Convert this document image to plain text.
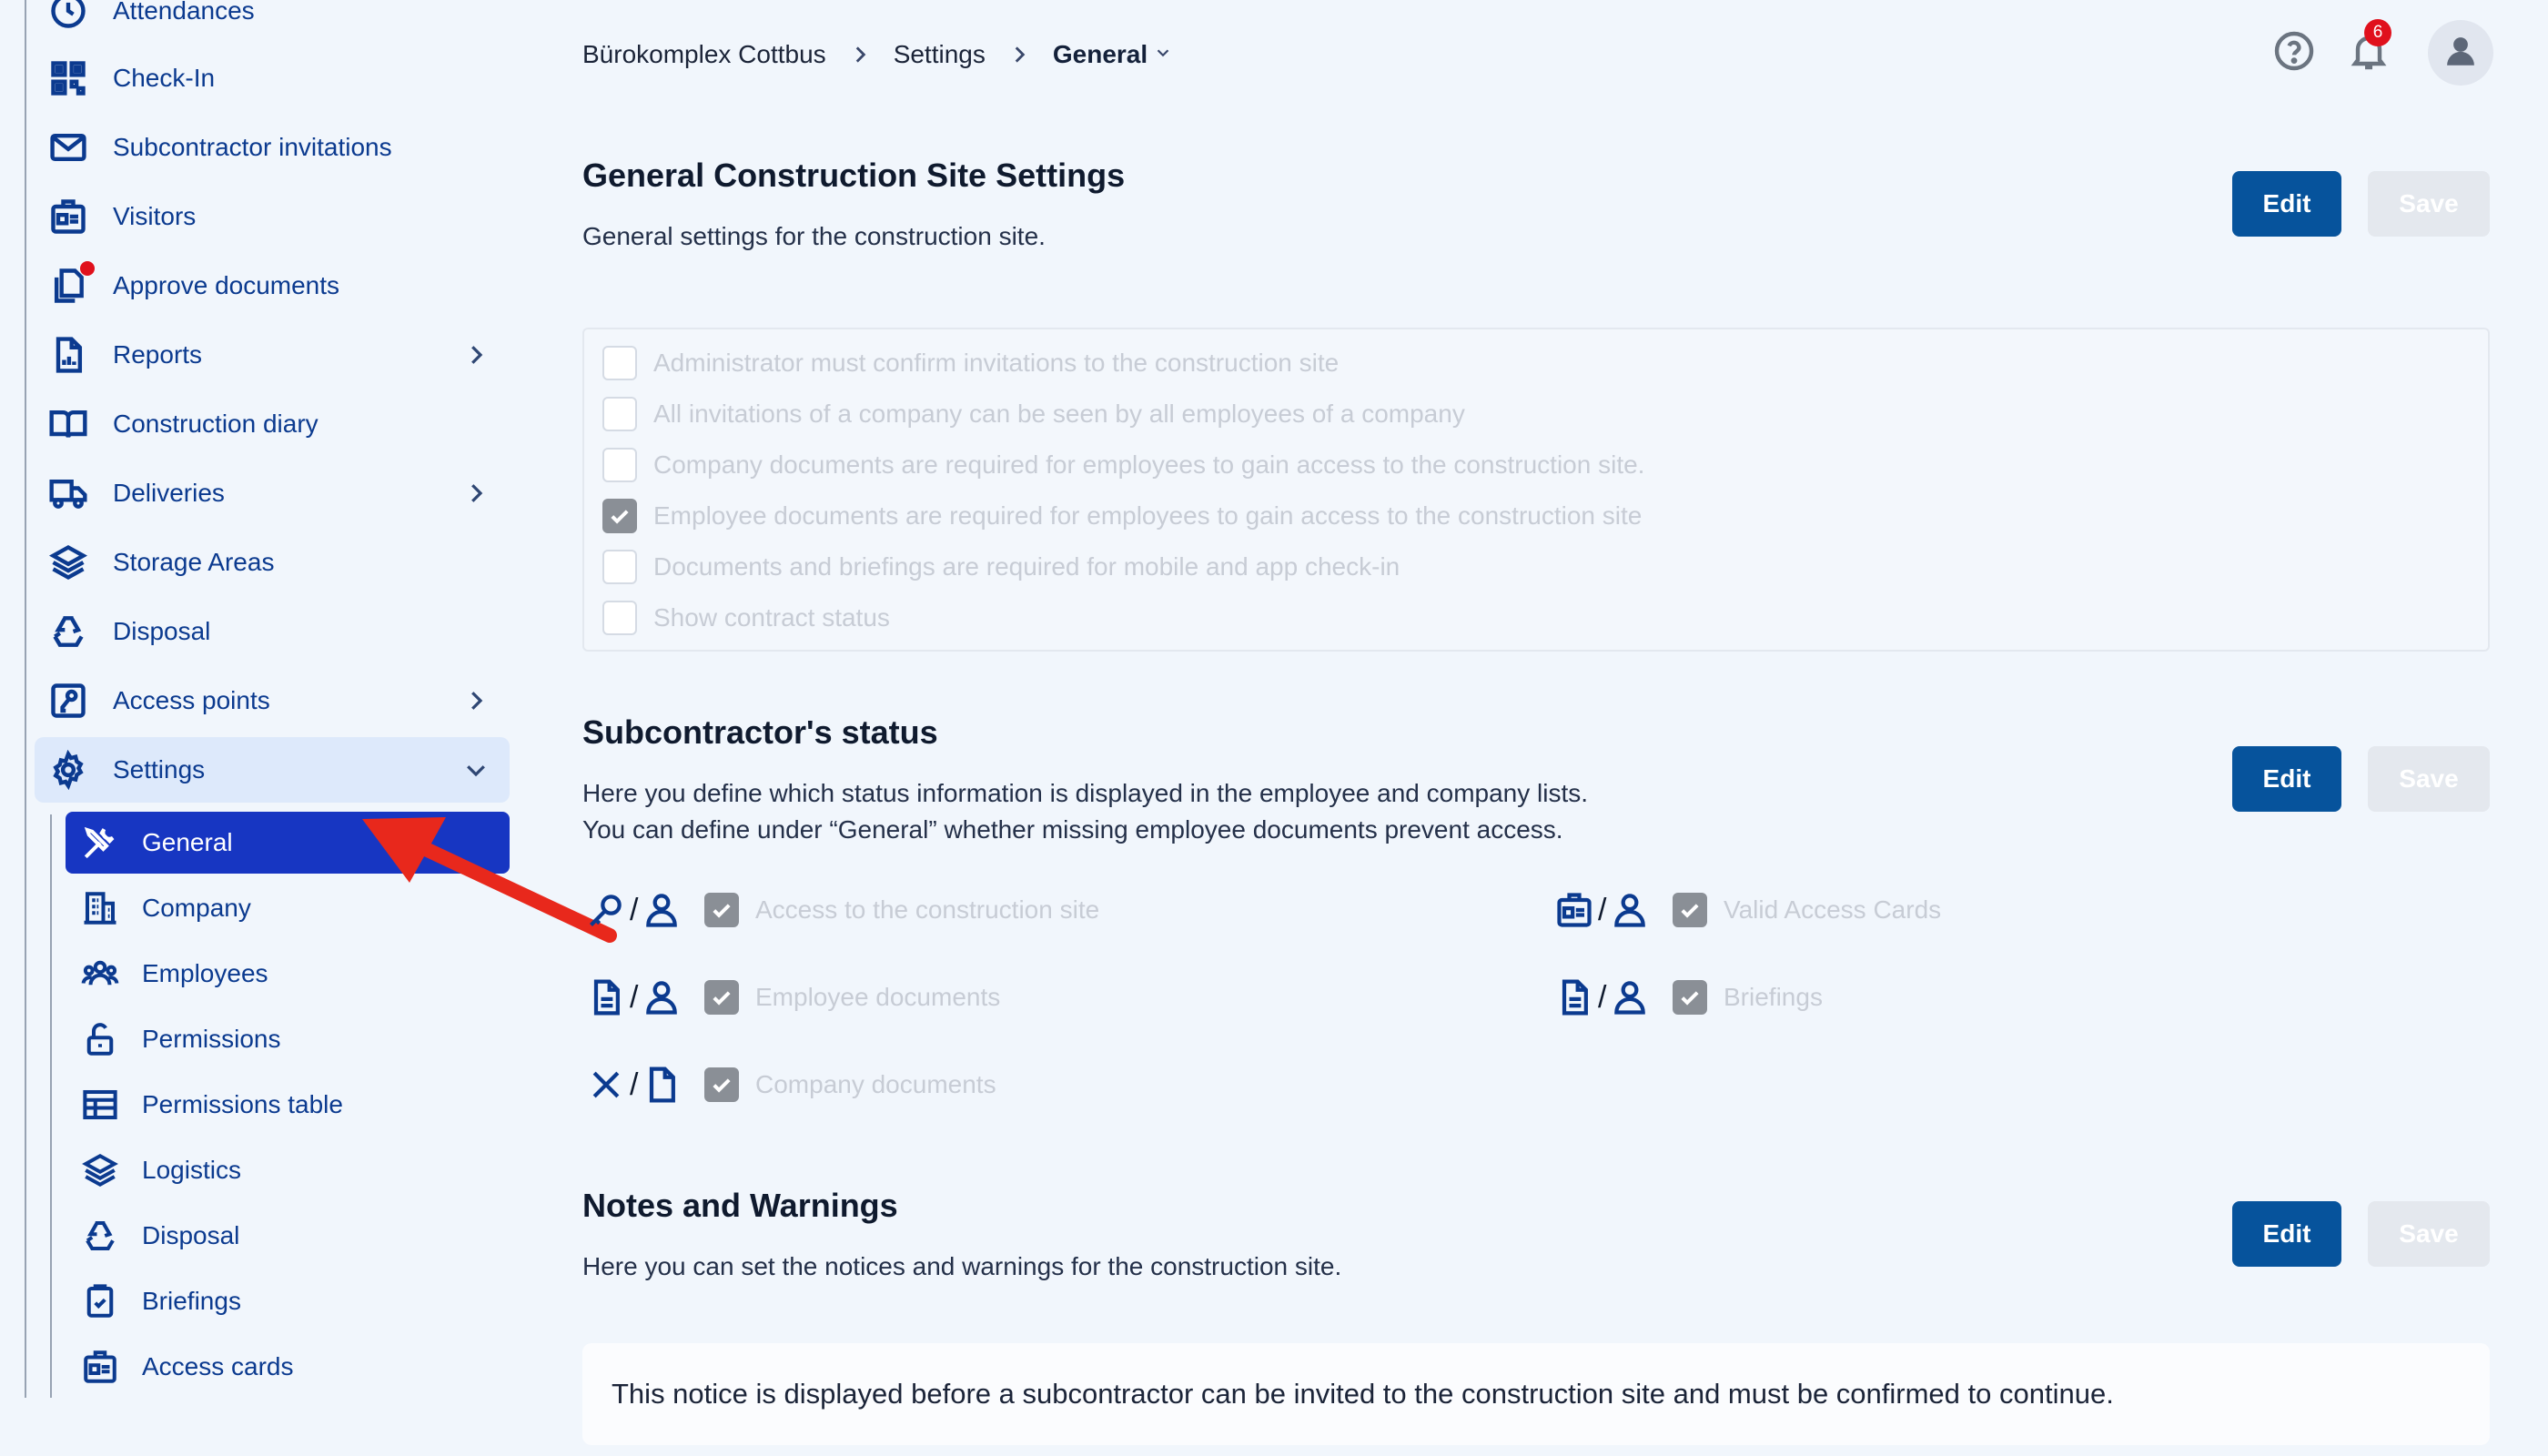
Attendances
Check-In
Subcontractor invitations
Visitors
Approve documents
Reports
Construction diary
Deliveries
Storage Areas
Disposal
Access points
Settings
General
Company
Employees
Permissions
Permissions table
Logistics
Disposal
Briefings
Access cards
Bürokomplex Cottbus	Settings	General
6
General Construction Site Settings

General settings for the construction site.

Edit	Save
Administrator must confirm invitations to the construction site
All invitations of a company can be seen by all employees of a company
Company documents are required for employees to gain access to the construction site.
Employee documents are required for employees to gain access to the construction site
Documents and briefings are required for mobile and app check-in
Show contract status
Subcontractor's status

Here you define which status information is displayed in the employee and company lists.

You can define under “General” whether missing employee documents prevent access.

Edit	Save
/	Access to the construction site	/	Valid Access Cards
/	Employee documents	/	Briefings
/	Company documents
Notes and Warnings

Here you can set the notices and warnings for the construction site.

Edit	Save
This notice is displayed before a subcontractor can be invited to the construction site and must be confirmed to continue.
